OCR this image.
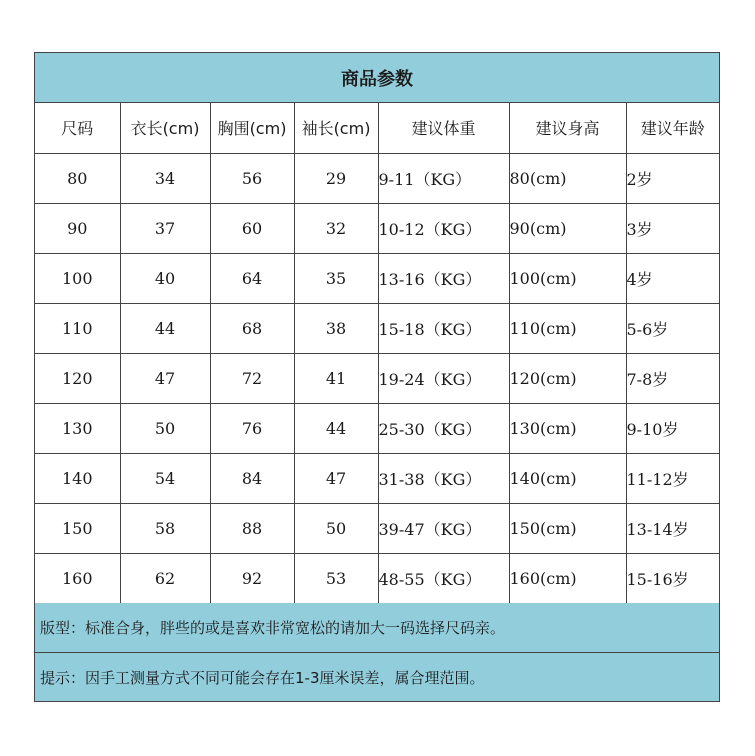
商品参数
尺码	衣长(cm)	胸围(cm)	袖长(cm)	建议体重	建议身高	建议年龄
80	34	56	29	9-11（KG）	80(cm)	2岁
90	37	60	32	10-12（KG）	90(cm)	3岁
100	40	64	35	13-16（KG）	100(cm)	4岁
110	44	68	38	15-18（KG）	110(cm)	5-6岁
120	47	72	41	19-24（KG）	120(cm)	7-8岁
130	50	76	44	25-30（KG）	130(cm)	9-10岁
140	54	84	47	31-38（KG）	140(cm)	11-12岁
150	58	88	50	39-47（KG）	150(cm)	13-14岁
160	62	92	53	48-55（KG）	160(cm)	15-16岁
版型：标准合身，胖些的或是喜欢非常宽松的请加大一码选择尺码亲。
提示：因手工测量方式不同可能会存在1-3厘米误差，属合理范围。
